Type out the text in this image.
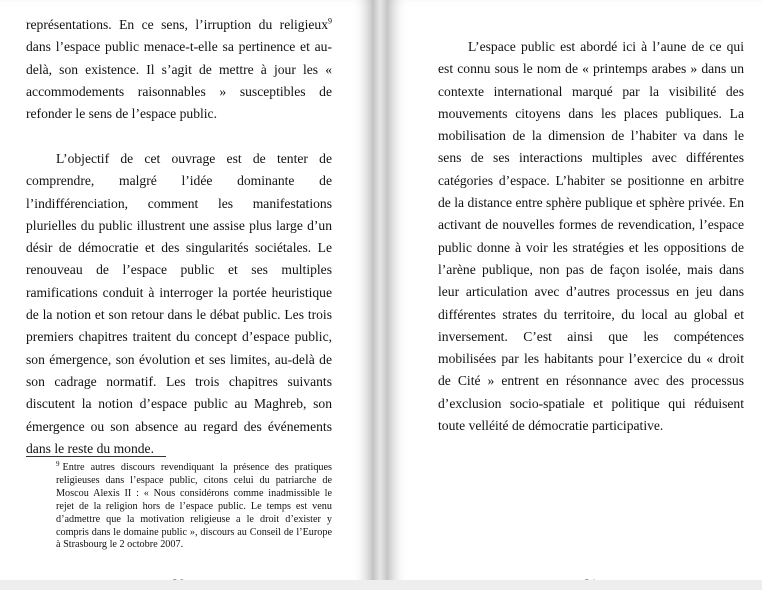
représentations. En ce sens, l’irruption du religieux$^9$ dans l’espace public menace-t-elle sa pertinence et au-delà, son existence. Il s’agit de mettre à jour les « accommodements raisonnables » susceptibles de refonder le sens de l’espace public.

L’objectif de cet ouvrage est de tenter de comprendre, malgré l’idée dominante de l’indifférenciation, comment les manifestations plurielles du public illustrent une assise plus large d’un désir de démocratie et des singularités sociétales. Le renouveau de l’espace public et ses multiples ramifications conduit à interroger la portée heuristique de la notion et son retour dans le débat public. Les trois premiers chapitres traitent du concept d’espace public, son émergence, son évolution et ses limites, au-delà de son cadrage normatif. Les trois chapitres suivants discutent la notion d’espace public au Maghreb, son émergence ou son absence au regard des événements dans le reste du monde.

$^9$ Entre autres discours revendiquant la présence des pratiques religieuses dans l’espace public, citons celui du patriarche de Moscou Alexis II : « Nous considérons comme inadmissible le rejet de la religion hors de l’espace public. Le temps est venu d’admettre que la motivation religieuse a le droit d’exister y compris dans le domaine public », discours au Conseil de l’Europe à Strasbourg le 2 octobre 2007.

L’espace public est abordé ici à l’aune de ce qui est connu sous le nom de « printemps arabes » dans un contexte international marqué par la visibilité des mouvements citoyens dans les places publiques. La mobilisation de la dimension de l’habiter va dans le sens de ses interactions multiples avec différentes catégories d’espace. L’habiter se positionne en arbitre de la distance entre sphère publique et sphère privée. En activant de nouvelles formes de revendication, l’espace public donne à voir les stratégies et les oppositions de l’arène publique, non pas de façon isolée, mais dans leur articulation avec d’autres processus en jeu dans différentes strates du territoire, du local au global et inversement. C’est ainsi que les compétences mobilisées par les habitants pour l’exercice du « droit de Cité » entrent en résonnance avec des processus d’exclusion socio-spatiale et politique qui réduisent toute velléité de démocratie participative.
